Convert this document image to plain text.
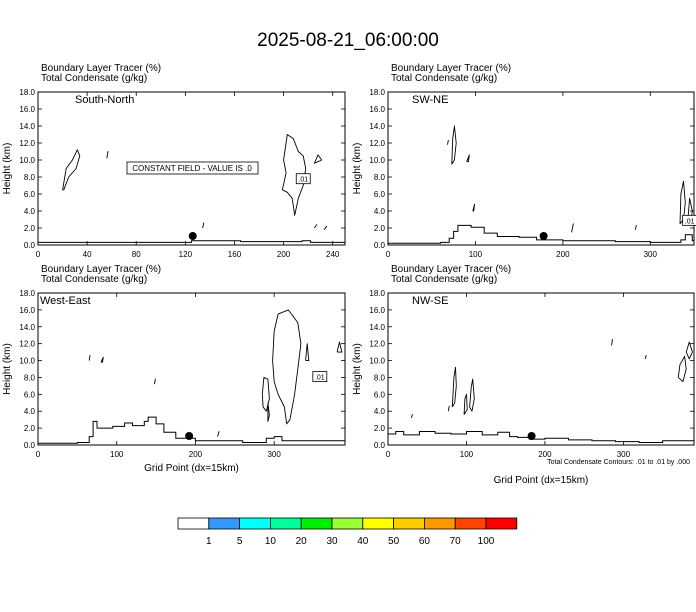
2025-08-21_06:00:00
Boundary Layer Tracer (%)
Total Condensate (g/kg)
0.0
2.0
4.0
6.0
8.0
10.0
12.0
14.0
16.0
18.0
0	40	80	120	160	200	240
Height (km)
South-North
.01
Boundary Layer Tracer (%)
Total Condensate (g/kg)
0.0
2.0
4.0
6.0
8.0
10.0
12.0
14.0
16.0
18.0
0	100	200	300
Height (km)
SW-NE
.01
Boundary Layer Tracer (%)
Total Condensate (g/kg)
0.0
2.0
4.0
6.0
8.0
10.0
12.0
14.0
16.0
18.0
0	100	200	300
Height (km)
West-East
.01
Grid Point (dx=15km)
Boundary Layer Tracer (%)
Total Condensate (g/kg)
0.0
2.0
4.0
6.0
8.0
10.0
12.0
14.0
16.0
18.0
0	100	200	300
Height (km)
NW-SE
Grid Point (dx=15km)
CONSTANT FIELD - VALUE IS .0
Total Condensate Contours: .01 to .01 by .000
1	5 10 20 30 40 50 60 70 100
